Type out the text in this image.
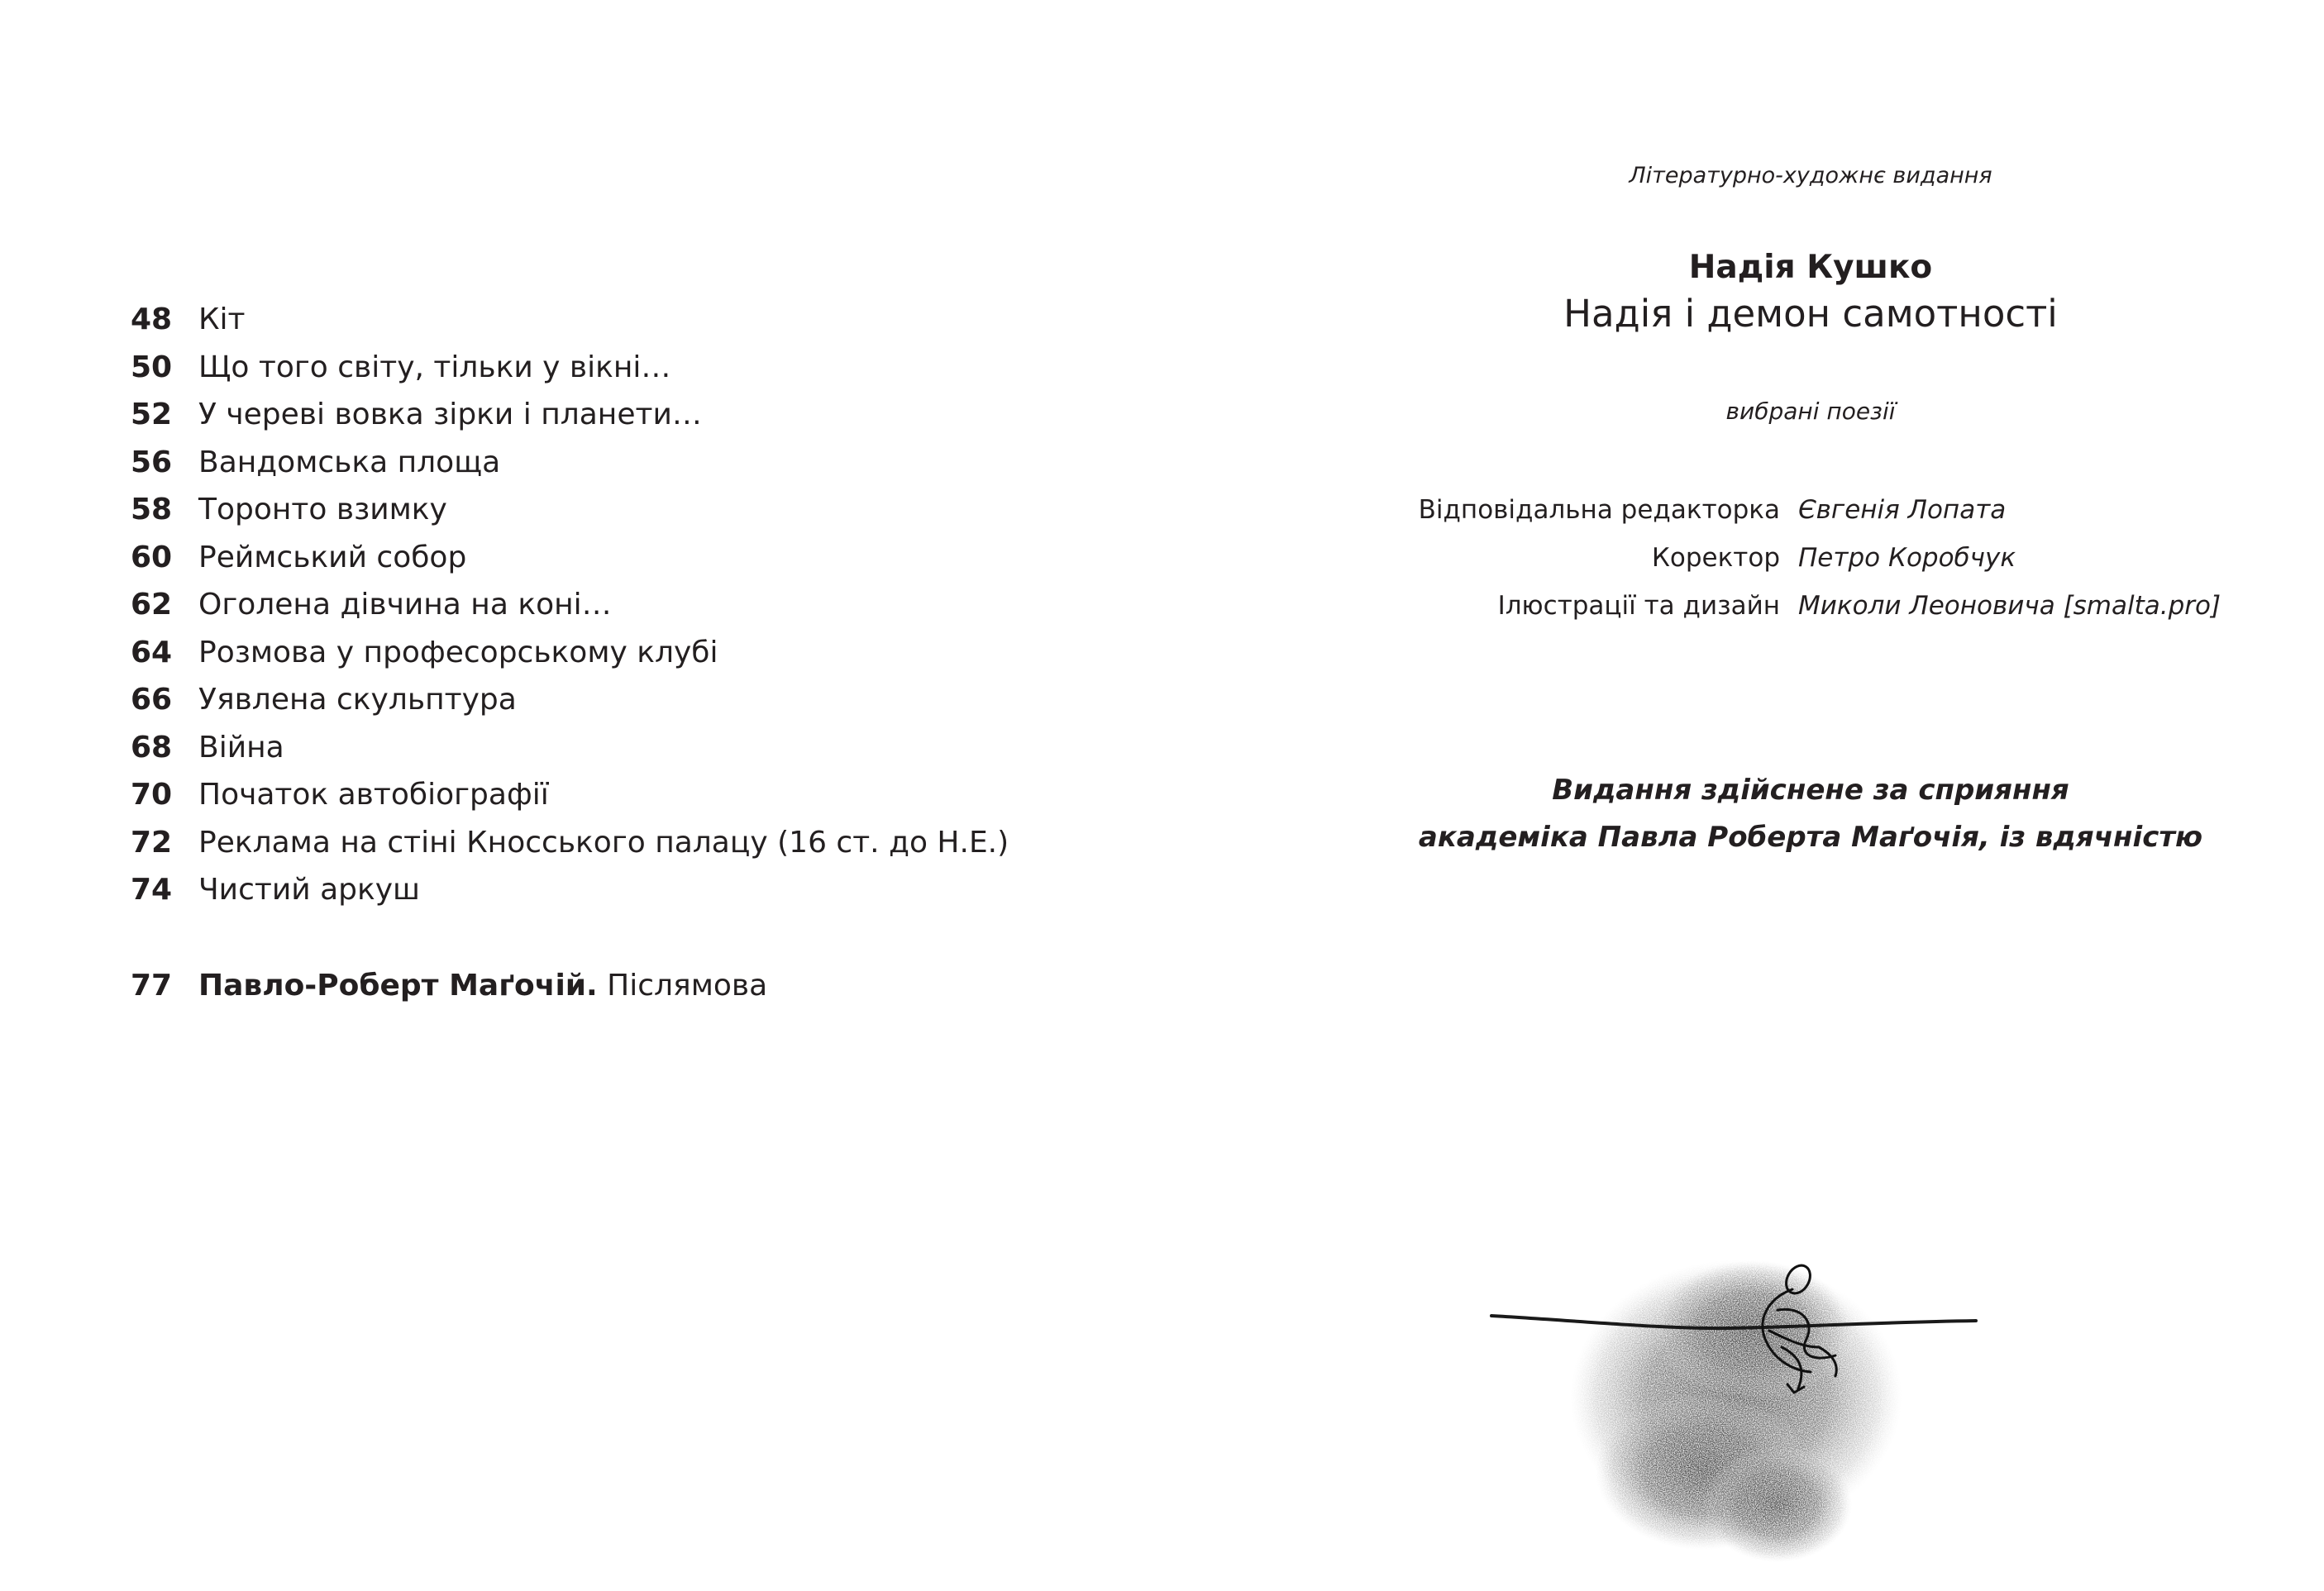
48 Кіт
50 Що того світу, тільки у вікні…
52 У череві вовка зірки і планети…
56 Вандомська площа
58 Торонто взимку
60 Реймський собор
62 Оголена дівчина на коні…
64 Розмова у професорському клубі
66 Уявлена скульптура
68 Війна
70 Початок автобіографії
72 Реклама на стіні Кносського палацу (16 ст. до Н.Е.)
74 Чистий аркуш
77 Павло-Роберт Маґочій. Післямова
Літературно-художнє видання
Надія Кушко
Надія і демон самотності
вибрані поезії
Відповідальна редакторка Євгенія Лопата
Коректор Петро Коробчук
Ілюстрації та дизайн Миколи Леоновича [smalta.pro]
Видання здійснене за сприяння
академіка Павла Роберта Маґочія, із вдячністю
